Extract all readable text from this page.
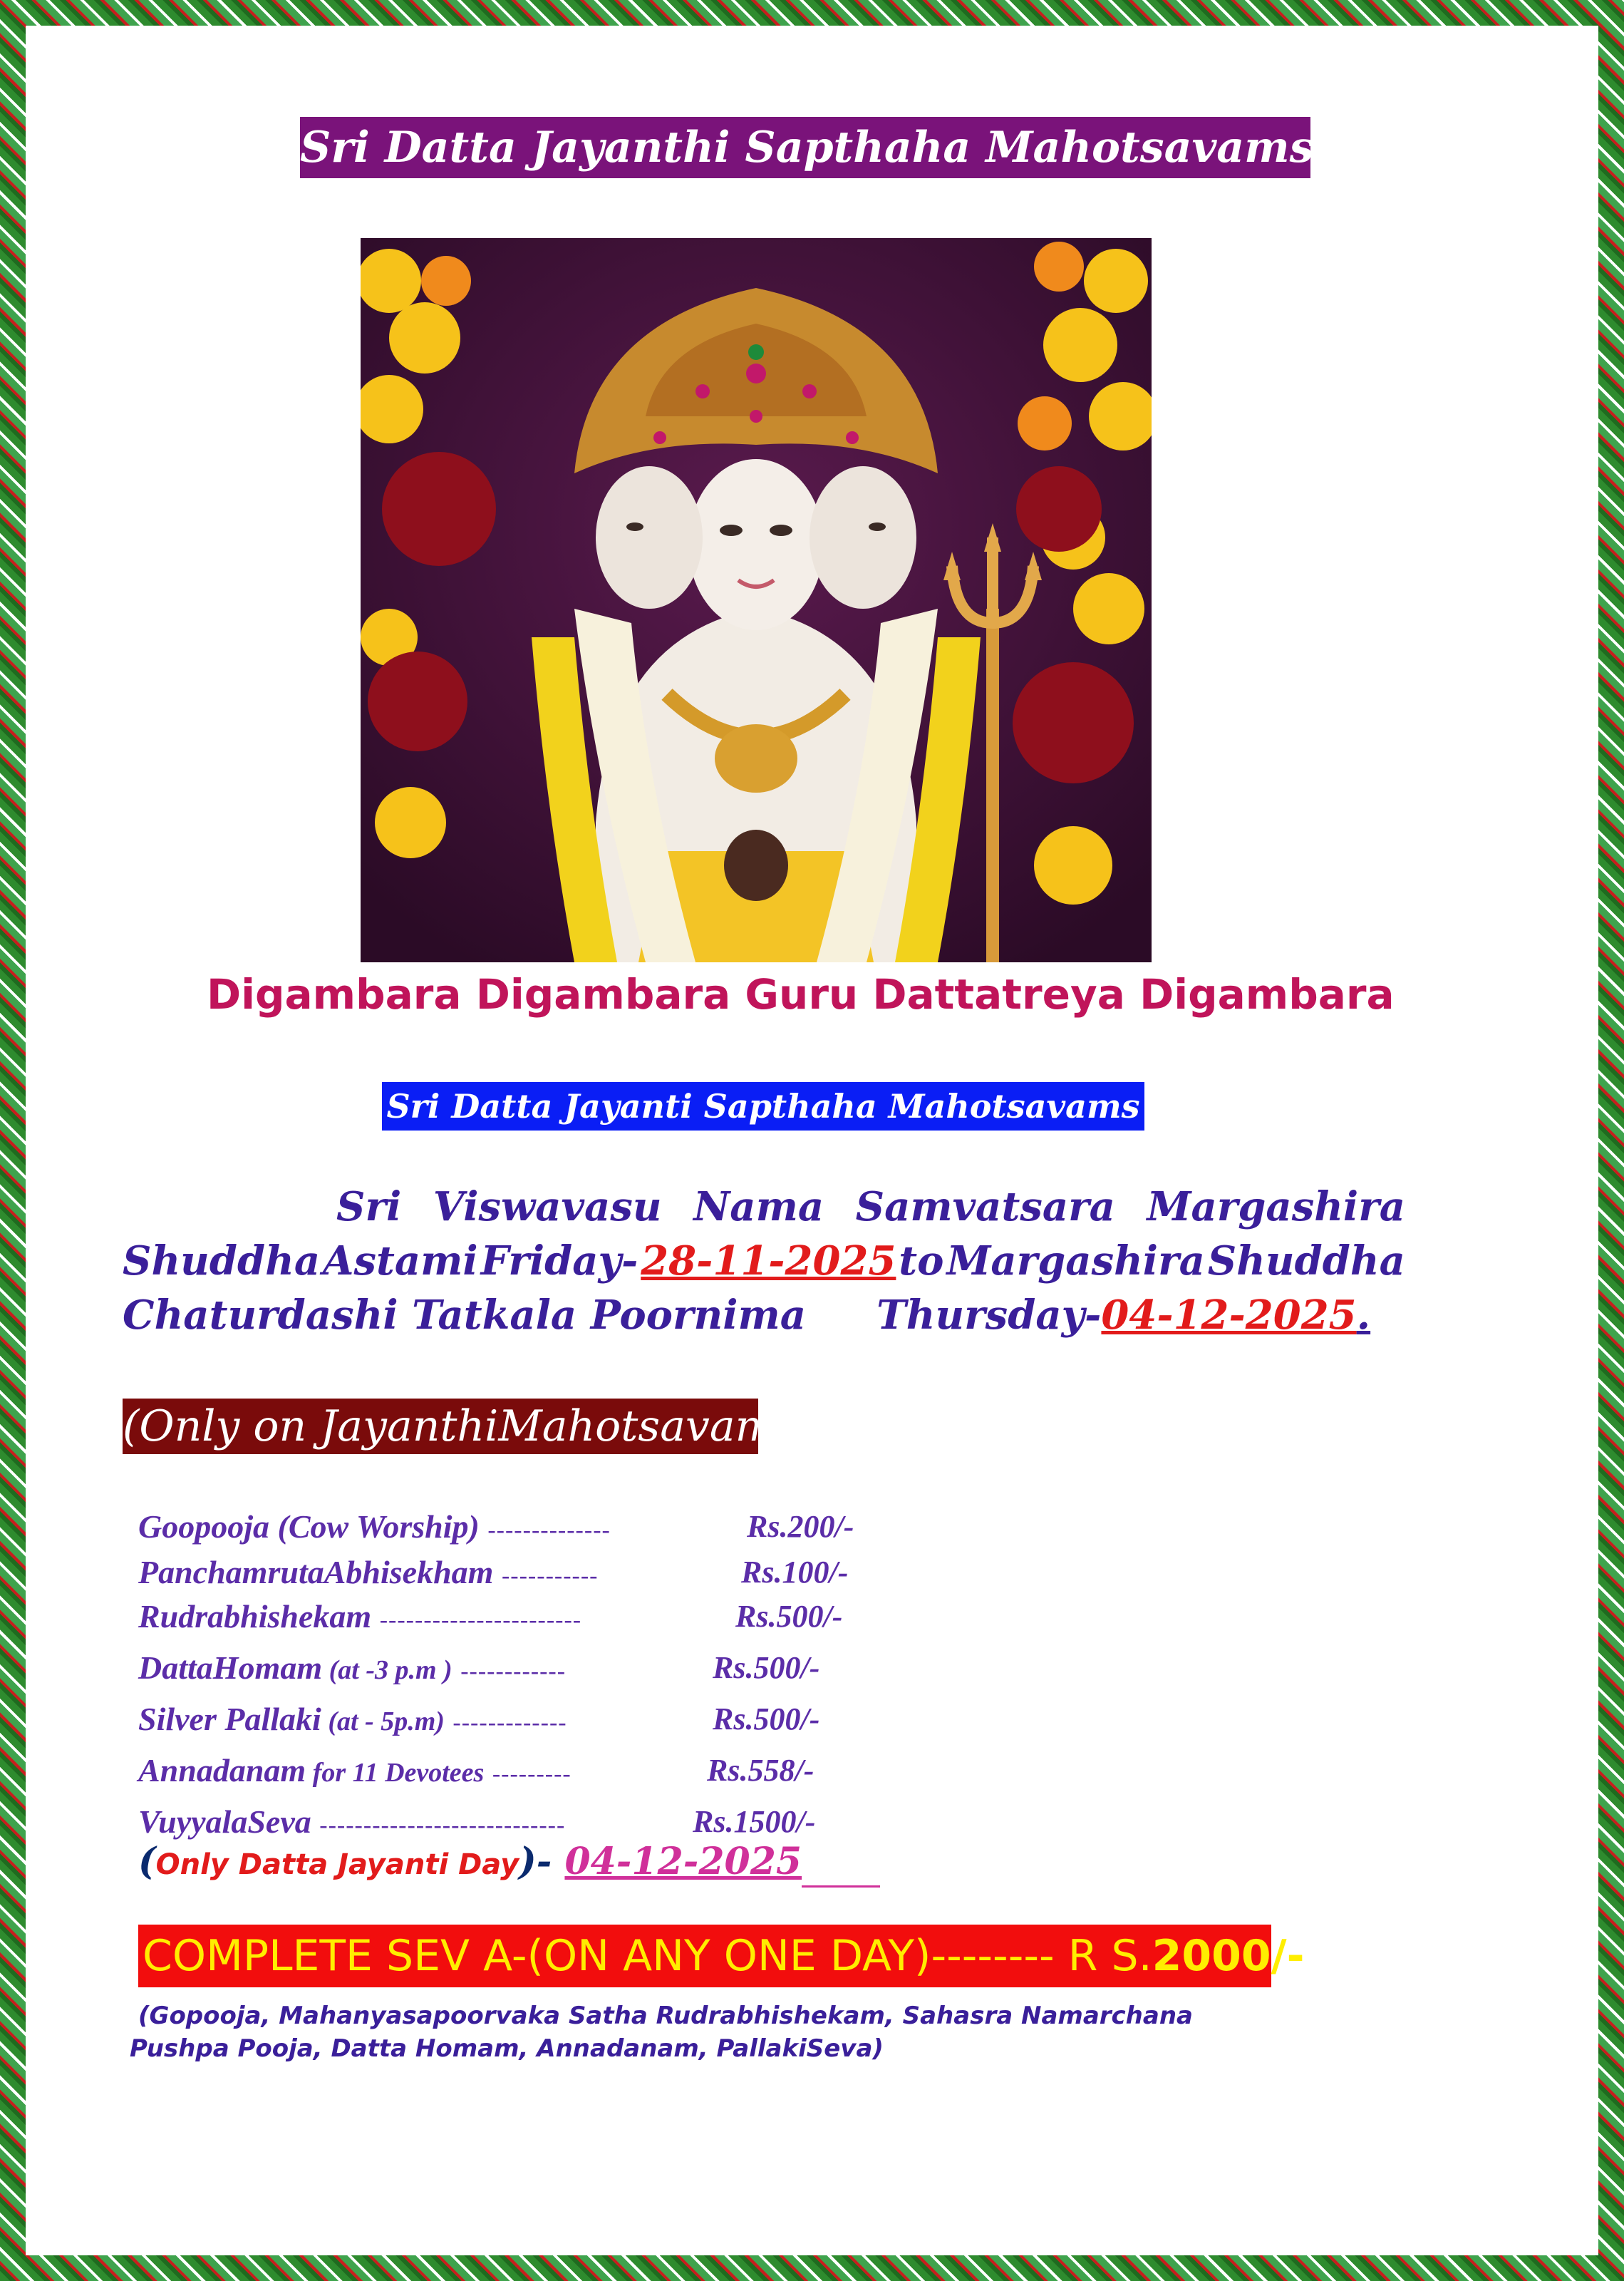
Sri Datta Jayanthi Sapthaha Mahotsavams
Digambara Digambara Guru Dattatreya Digambara
Sri Datta Jayanti Sapthaha Mahotsavams
Sri Viswavasu Nama Samvatsara Margashira
Shuddha Astami Friday- 28-11-2025 to Margashira Shuddha
Chaturdashi Tatkala Poornima Thursday-04-12-2025.
(Only on JayanthiMahotsavams)
Goopooja (Cow Worship) --------------	Rs.200/-
PanchamrutaAbhisekham -----------	Rs.100/-
Rudrabhishekam -----------------------	Rs.500/-
DattaHomam (at -3 p.m ) ------------	Rs.500/-
Silver Pallaki (at - 5p.m) -------------	Rs.500/-
Annadanam for 11 Devotees ---------	Rs.558/-
VuyyalaSeva ----------------------------	Rs.1500/-
(Only Datta Jayanti Day)- 04-12-2025
COMPLETE SEV A-(ON ANY ONE DAY)-------- R S.2000/-
(Gopooja, Mahanyasapoorvaka Satha Rudrabhishekam, Sahasra Namarchana
Pushpa Pooja, Datta Homam, Annadanam, PallakiSeva)
